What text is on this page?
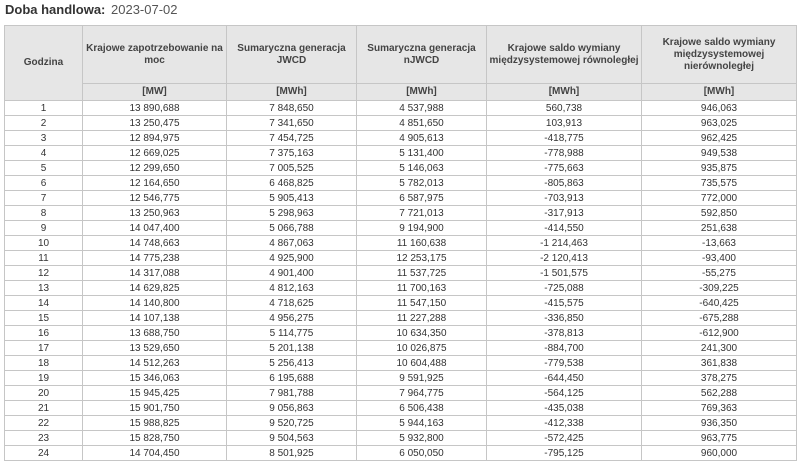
Doba handlowa: 2023-07-02
Godzina	Krajowe zapotrzebowanie na moc	Sumaryczna generacja JWCD	Sumaryczna generacja nJWCD	Krajowe saldo wymiany międzysystemowej równoległej	Krajowe saldo wymiany międzysystemowej nierównoległej
	[MW]	[MWh]	[MWh]	[MWh]	[MWh]
1	13 890,688	7 848,650	4 537,988	560,738	946,063
2	13 250,475	7 341,650	4 851,650	103,913	963,025
3	12 894,975	7 454,725	4 905,613	-418,775	962,425
4	12 669,025	7 375,163	5 131,400	-778,988	949,538
5	12 299,650	7 005,525	5 146,063	-775,663	935,875
6	12 164,650	6 468,825	5 782,013	-805,863	735,575
7	12 546,775	5 905,413	6 587,975	-703,913	772,000
8	13 250,963	5 298,963	7 721,013	-317,913	592,850
9	14 047,400	5 066,788	9 194,900	-414,550	251,638
10	14 748,663	4 867,063	11 160,638	-1 214,463	-13,663
11	14 775,238	4 925,900	12 253,175	-2 120,413	-93,400
12	14 317,088	4 901,400	11 537,725	-1 501,575	-55,275
13	14 629,825	4 812,163	11 700,163	-725,088	-309,225
14	14 140,800	4 718,625	11 547,150	-415,575	-640,425
15	14 107,138	4 956,275	11 227,288	-336,850	-675,288
16	13 688,750	5 114,775	10 634,350	-378,813	-612,900
17	13 529,650	5 201,138	10 026,875	-884,700	241,300
18	14 512,263	5 256,413	10 604,488	-779,538	361,838
19	15 346,063	6 195,688	9 591,925	-644,450	378,275
20	15 945,425	7 981,788	7 964,775	-564,125	562,288
21	15 901,750	9 056,863	6 506,438	-435,038	769,363
22	15 988,825	9 520,725	5 944,163	-412,338	936,350
23	15 828,750	9 504,563	5 932,800	-572,425	963,775
24	14 704,450	8 501,925	6 050,050	-795,125	960,000
